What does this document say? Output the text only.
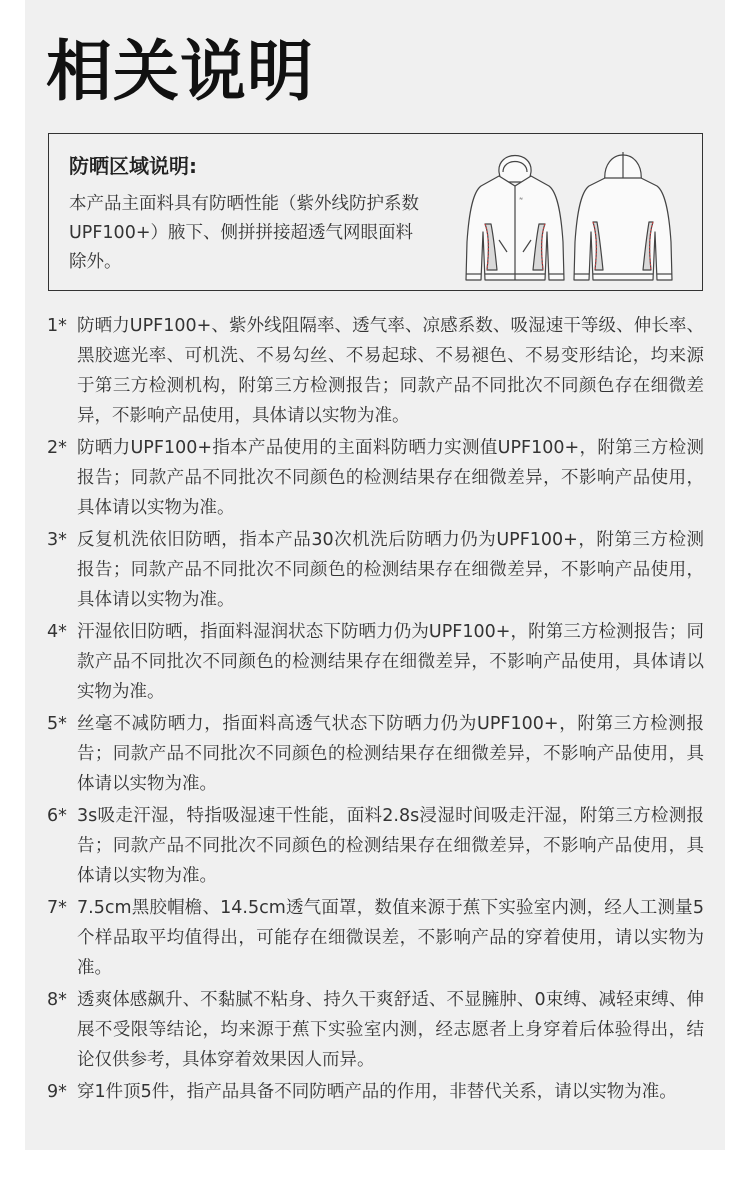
相关说明
防晒区域说明:

本产品主面料具有防晒性能（紫外线防护系数UPF100+）腋下、侧拼拼接超透气网眼面料除外。

≈
1* 防晒力UPF100+、紫外线阻隔率、透气率、凉感系数、吸湿速干等级、伸长率、黑胶遮光率、可机洗、不易勾丝、不易起球、不易褪色、不易变形结论，均来源于第三方检测机构，附第三方检测报告；同款产品不同批次不同颜色存在细微差异，不影响产品使用，具体请以实物为准。
2* 防晒力UPF100+指本产品使用的主面料防晒力实测值UPF100+，附第三方检测报告；同款产品不同批次不同颜色的检测结果存在细微差异，不影响产品使用，具体请以实物为准。
3* 反复机洗依旧防晒，指本产品30次机洗后防晒力仍为UPF100+，附第三方检测报告；同款产品不同批次不同颜色的检测结果存在细微差异，不影响产品使用，具体请以实物为准。
4* 汗湿依旧防晒，指面料湿润状态下防晒力仍为UPF100+，附第三方检测报告；同款产品不同批次不同颜色的检测结果存在细微差异，不影响产品使用，具体请以实物为准。
5* 丝毫不减防晒力，指面料高透气状态下防晒力仍为UPF100+，附第三方检测报告；同款产品不同批次不同颜色的检测结果存在细微差异，不影响产品使用，具体请以实物为准。
6* 3s吸走汗湿，特指吸湿速干性能，面料2.8s浸湿时间吸走汗湿，附第三方检测报告；同款产品不同批次不同颜色的检测结果存在细微差异，不影响产品使用，具体请以实物为准。
7* 7.5cm黑胶帽檐、14.5cm透气面罩，数值来源于蕉下实验室内测，经人工测量5个样品取平均值得出，可能存在细微误差，不影响产品的穿着使用，请以实物为准。
8* 透爽体感飙升、不黏腻不粘身、持久干爽舒适、不显臃肿、0束缚、减轻束缚、伸展不受限等结论，均来源于蕉下实验室内测，经志愿者上身穿着后体验得出，结论仅供参考，具体穿着效果因人而异。
9* 穿1件顶5件，指产品具备不同防晒产品的作用，非替代关系，请以实物为准。
